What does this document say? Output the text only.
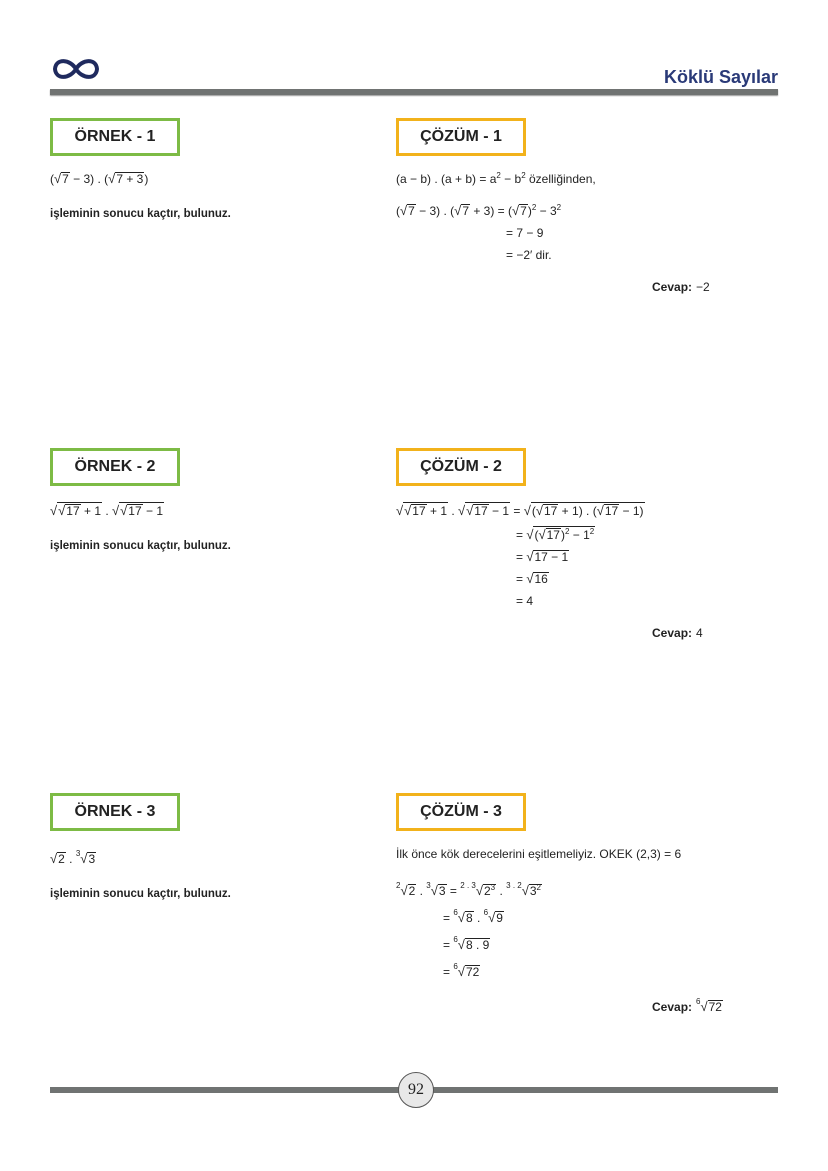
Köklü Sayılar
ÖRNEK - 1
(√7 − 3) . (√7 + 3)
işleminin sonucu kaçtır, bulunuz.
ÇÖZÜM - 1
(a − b) . $(a + b) = a^2 - b^2$ özelliğinden,
(√7 − 3) . $(√7 + 3) = (√7)^2 - 3^2$
= 7 − 9
= −2′ dir.
Cevap: −2
ÖRNEK - 2
√√17 + 1 . √√17 − 1
işleminin sonucu kaçtır, bulunuz.
ÇÖZÜM - 2
√√17 + 1 . √√17 − 1 = √(√17 + 1) . (√17 − 1)
= $√(√17)^2 - 1^2$
= √17 − 1
= √16
= 4
Cevap: 4
ÖRNEK - 3
√2 . $^3$√3
işleminin sonucu kaçtır, bulunuz.
ÇÖZÜM - 3
İlk önce kök derecelerini eşitlemeliyiz. OKEK (2,3) = 6
$^2$√2 . $^3√3 = ^{2 . 3}√2^3$ . $^{3 . 2}√3^2$
= $^6$√8 . $^6$√9
= $^6$√8 . 9
= $^6$√72
Cevap: $^6$√72
92
